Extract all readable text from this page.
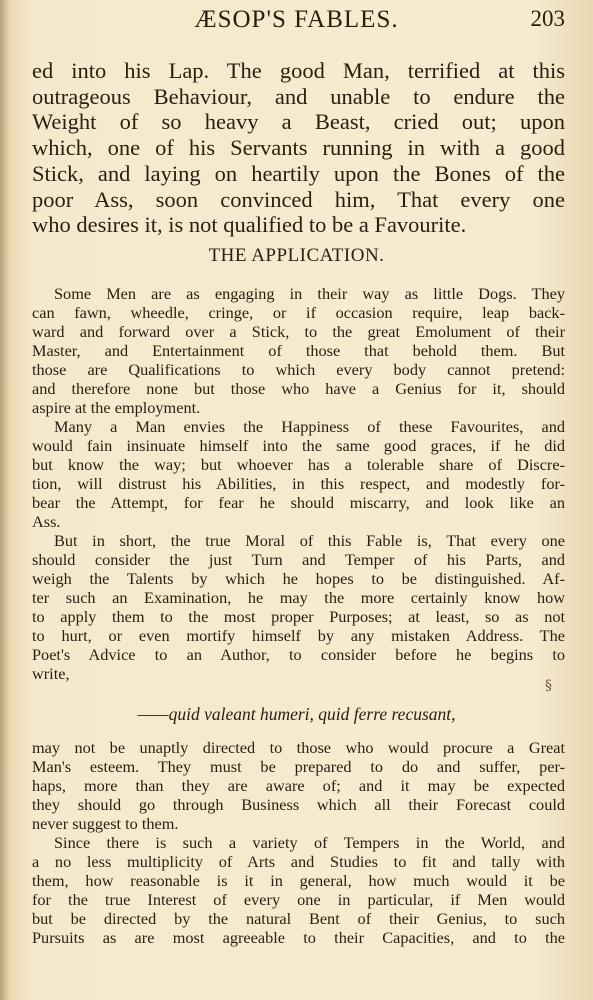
ÆSOP'S FABLES.	203

ed into his Lap. The good Man, terrified at this

outrageous Behaviour, and unable to endure the

Weight of so heavy a Beast, cried out; upon

which, one of his Servants running in with a good

Stick, and laying on heartily upon the Bones of the

poor Ass, soon convinced him, That every one

who desires it, is not qualified to be a Favourite.

THE APPLICATION.
Some Men are as engaging in their way as little Dogs. They
can fawn, wheedle, cringe, or if occasion require, leap back-
ward and forward over a Stick, to the great Emolument of their
Master, and Entertainment of those that behold them. But
those are Qualifications to which every body cannot pretend:
and therefore none but those who have a Genius for it, should
aspire at the employment.
Many a Man envies the Happiness of these Favourites, and
would fain insinuate himself into the same good graces, if he did
but know the way; but whoever has a tolerable share of Discre-
tion, will distrust his Abilities, in this respect, and modestly for-
bear the Attempt, for fear he should miscarry, and look like an
Ass.
But in short, the true Moral of this Fable is, That every one
should consider the just Turn and Temper of his Parts, and
weigh the Talents by which he hopes to be distinguished. Af-
ter such an Examination, he may the more certainly know how
to apply them to the most proper Purposes; at least, so as not
to hurt, or even mortify himself by any mistaken Address. The
Poet's Advice to an Author, to consider before he begins to
write,
§
——quid valeant humeri, quid ferre recusant,
may not be unaptly directed to those who would procure a Great
Man's esteem. They must be prepared to do and suffer, per-
haps, more than they are aware of; and it may be expected
they should go through Business which all their Forecast could
never suggest to them.
Since there is such a variety of Tempers in the World, and
a no less multiplicity of Arts and Studies to fit and tally with
them, how reasonable is it in general, how much would it be
for the true Interest of every one in particular, if Men would
but be directed by the natural Bent of their Genius, to such
Pursuits as are most agreeable to their Capacities, and to the
